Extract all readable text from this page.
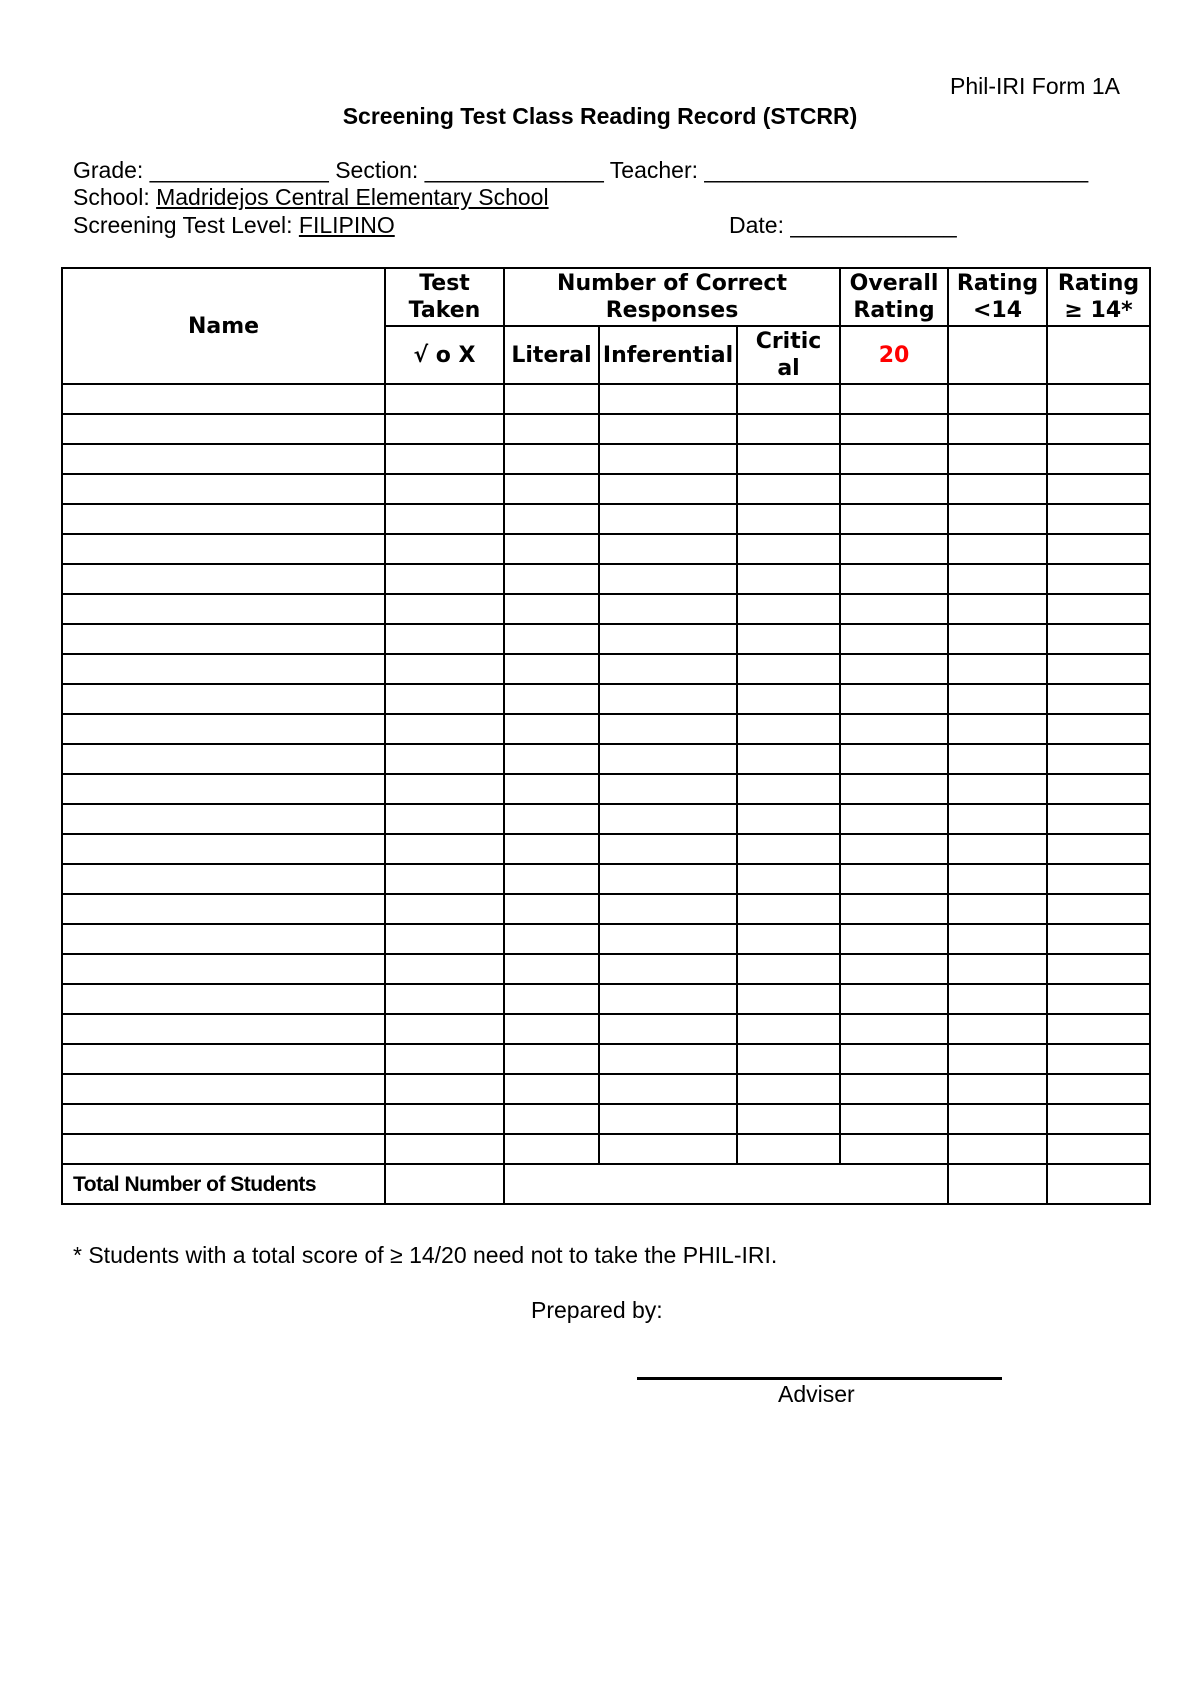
Phil-IRI Form 1A
Screening Test Class Reading Record (STCRR)
Grade: ______________ Section: ______________ Teacher: ______________________________
School: Madridejos Central Elementary School
Screening Test Level: FILIPINO	Date: _____________
Name	Test Taken	Number of Correct Responses			Overall Rating	Rating <14	Rating ≥ 14*
	√ o X	Literal	Inferential	Critical	20		

Total Number of Students							
* Students with a total score of ≥ 14/20 need not to take the PHIL-IRI.
Prepared by:
Adviser
